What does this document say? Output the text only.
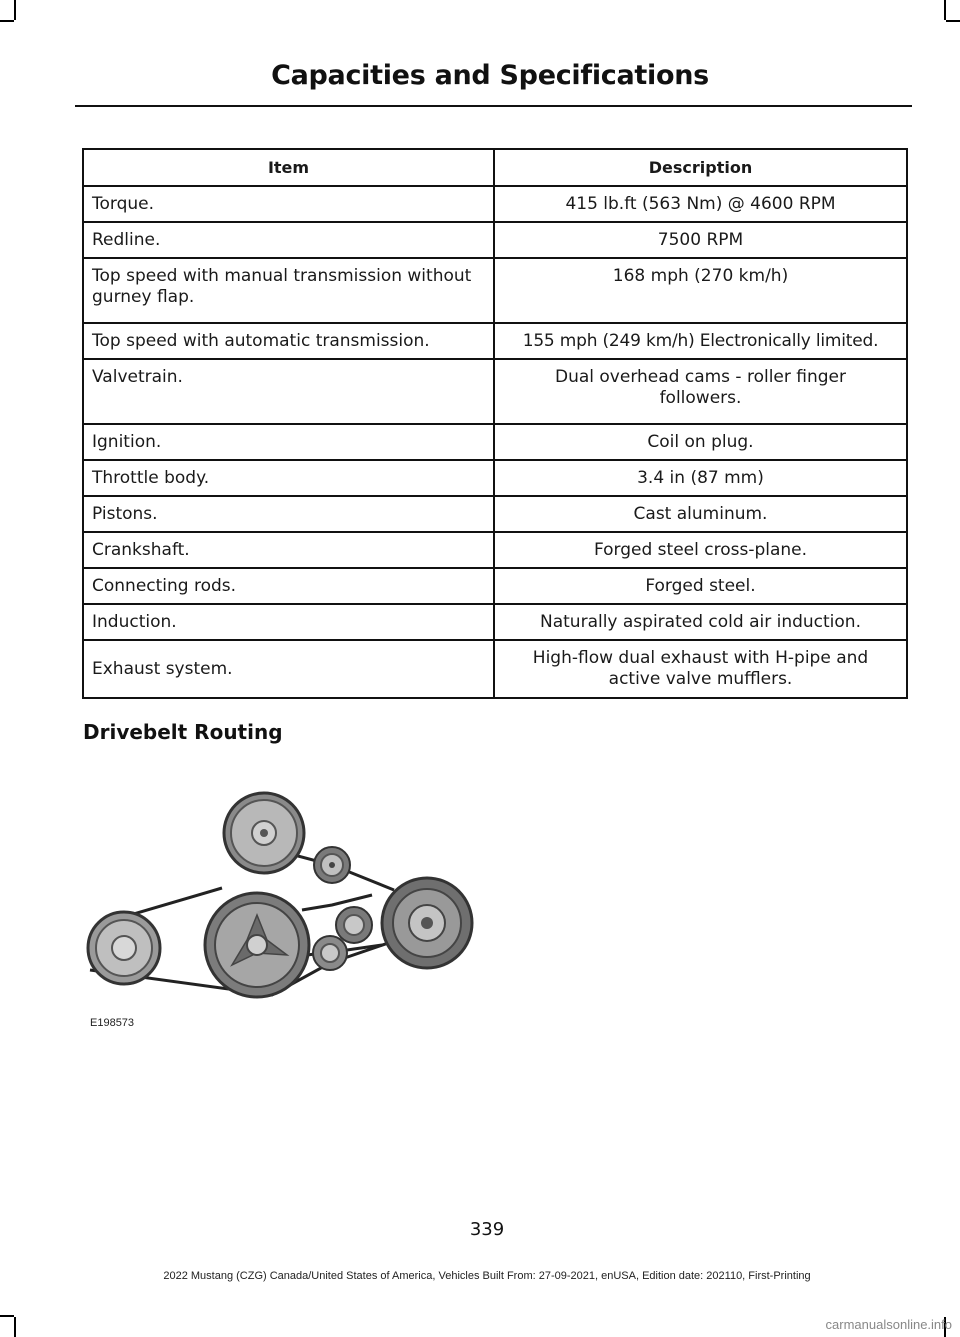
Capacities and Specifications
Item	Description
Torque.	415 lb.ft (563 Nm) @ 4600 RPM
Redline.	7500 RPM
Top speed with manual transmission without gurney flap.	168 mph (270 km/h)
Top speed with automatic transmission.	155 mph (249 km/h) Electronically limited.
Valvetrain.	Dual overhead cams - roller finger followers.
Ignition.	Coil on plug.
Throttle body.	3.4 in (87 mm)
Pistons.	Cast aluminum.
Crankshaft.	Forged steel cross-plane.
Connecting rods.	Forged steel.
Induction.	Naturally aspirated cold air induction.
Exhaust system.	High-flow dual exhaust with H-pipe and active valve mufflers.
Drivebelt Routing
E198573
339
2022 Mustang (CZG) Canada/United States of America, Vehicles Built From: 27-09-2021, enUSA, Edition date: 202110, First-Printing
carmanualsonline.info
